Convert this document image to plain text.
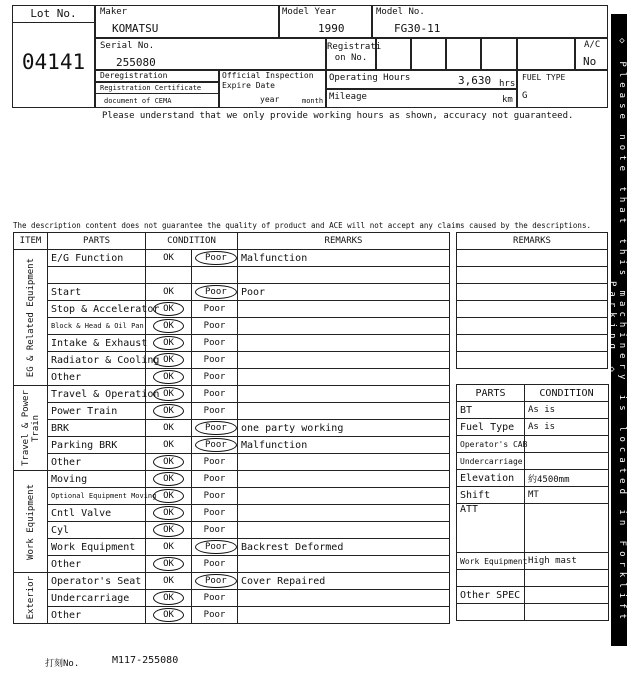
Lot No.
04141
Maker
KOMATSU
Model Year
1990
Model No.
FG30-11
Serial No.
255080
Registrati on No.
A/C
No
Deregistration
Registration Certificate
document of CEMA
Official Inspection Expire Date
year	month
Operating Hours	3,630 hrs
Mileage	km
FUEL TYPE
G
Please understand that we only provide working hours as shown, accuracy not guaranteed.
The description content does not guarantee the quality of product and ACE will not accept any claims caused by the descriptions.	◇ Please note that this machinery is located in Forklift Parking ◇
ITEM	PARTS	CONDITION		REMARKS

EG & Related Equipment	E/G Function	OK	Poor	Malfunction

	Start	OK	Poor	Poor
	Stop & Accelerator	OK	Poor	
	Block & Head & Oil Pan	OK	Poor	
	Intake & Exhaust	OK	Poor	
	Radiator & Cooling	OK	Poor	
	Other	OK	Poor	

Travel & Power Train	Travel & Operation	OK	Poor	
	Power Train	OK	Poor	
	BRK	OK	Poor	one party working
	Parking BRK	OK	Poor	Malfunction
	Other	OK	Poor	

Work Equipment	Moving	OK	Poor	
	Optional Equipment Moving	OK	Poor	
	Cntl Valve	OK	Poor	
	Cyl	OK	Poor	
	Work Equipment	OK	Poor	Backrest Deformed
	Other	OK	Poor	

Exterior	Operator's Seat	OK	Poor	Cover Repaired
	Undercarriage	OK	Poor	
	Other	OK	Poor	
REMARKS

PARTS	CONDITION
BT	As is
Fuel Type	As is
Operator's CAB	
Undercarriage	
Elevation	約4500mm
Shift	MT
ATT	
Work Equipment	High mast

Other SPEC	

打刻No.	M117-255080
